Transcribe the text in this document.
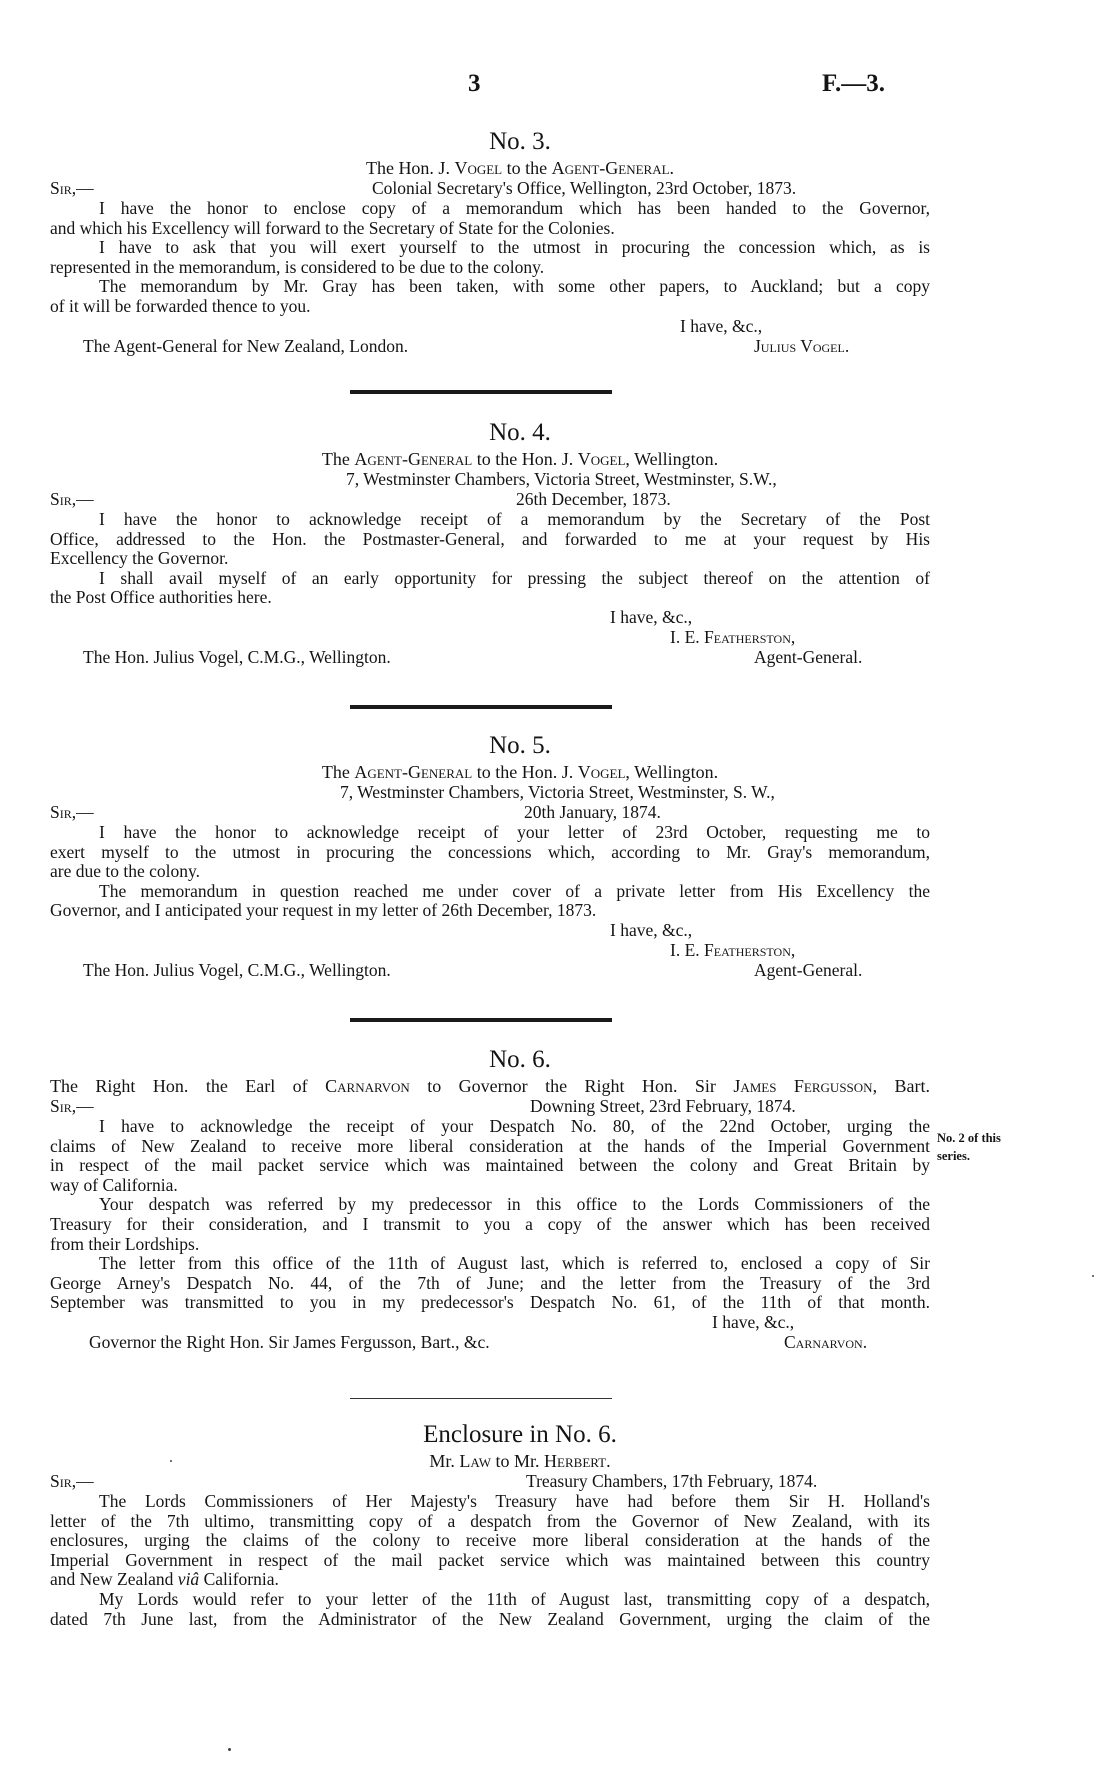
3	F.—3.
No. 3.
The Hon. J. Vogel to the Agent-General.
Sir,—	Colonial Secretary's Office, Wellington, 23rd October, 1873.
I have the honor to enclose copy of a memorandum which has been handed to the Governor,
and which his Excellency will forward to the Secretary of State for the Colonies.
I have to ask that you will exert yourself to the utmost in procuring the concession which, as is
represented in the memorandum, is considered to be due to the colony.
The memorandum by Mr. Gray has been taken, with some other papers, to Auckland; but a copy
of it will be forwarded thence to you.
I have, &c.,
The Agent-General for New Zealand, London.	Julius Vogel.
No. 4.
The Agent-General to the Hon. J. Vogel, Wellington.
7, Westminster Chambers, Victoria Street, Westminster, S.W.,
Sir,—	26th December, 1873.
I have the honor to acknowledge receipt of a memorandum by the Secretary of the Post
Office, addressed to the Hon. the Postmaster-General, and forwarded to me at your request by His
Excellency the Governor.
I shall avail myself of an early opportunity for pressing the subject thereof on the attention of
the Post Office authorities here.
I have, &c.,
I. E. Featherston,
The Hon. Julius Vogel, C.M.G., Wellington.	Agent-General.
No. 5.
The Agent-General to the Hon. J. Vogel, Wellington.
7, Westminster Chambers, Victoria Street, Westminster, S. W.,
Sir,—	20th January, 1874.
I have the honor to acknowledge receipt of your letter of 23rd October, requesting me to
exert myself to the utmost in procuring the concessions which, according to Mr. Gray's memorandum,
are due to the colony.
The memorandum in question reached me under cover of a private letter from His Excellency the
Governor, and I anticipated your request in my letter of 26th December, 1873.
I have, &c.,
I. E. Featherston,
The Hon. Julius Vogel, C.M.G., Wellington.	Agent-General.
No. 6.
The Right Hon. the Earl of Carnarvon to Governor the Right Hon. Sir James Fergusson, Bart.
Sir,—	Downing Street, 23rd February, 1874.
I have to acknowledge the receipt of your Despatch No. 80, of the 22nd October, urging the
claims of New Zealand to receive more liberal consideration at the hands of the Imperial Government
in respect of the mail packet service which was maintained between the colony and Great Britain by
way of California.
Your despatch was referred by my predecessor in this office to the Lords Commissioners of the
Treasury for their consideration, and I transmit to you a copy of the answer which has been received
from their Lordships.
The letter from this office of the 11th of August last, which is referred to, enclosed a copy of Sir
George Arney's Despatch No. 44, of the 7th of June; and the letter from the Treasury of the 3rd
September was transmitted to you in my predecessor's Despatch No. 61, of the 11th of that month.
I have, &c.,
Governor the Right Hon. Sir James Fergusson, Bart., &c.	Carnarvon.
No. 2 of this
series.
Enclosure in No. 6.
Mr. Law to Mr. Herbert.
Sir,—	Treasury Chambers, 17th February, 1874.
The Lords Commissioners of Her Majesty's Treasury have had before them Sir H. Holland's
letter of the 7th ultimo, transmitting copy of a despatch from the Governor of New Zealand, with its
enclosures, urging the claims of the colony to receive more liberal consideration at the hands of the
Imperial Government in respect of the mail packet service which was maintained between this country
and New Zealand viâ California.
My Lords would refer to your letter of the 11th of August last, transmitting copy of a despatch,
dated 7th June last, from the Administrator of the New Zealand Government, urging the claim of the
